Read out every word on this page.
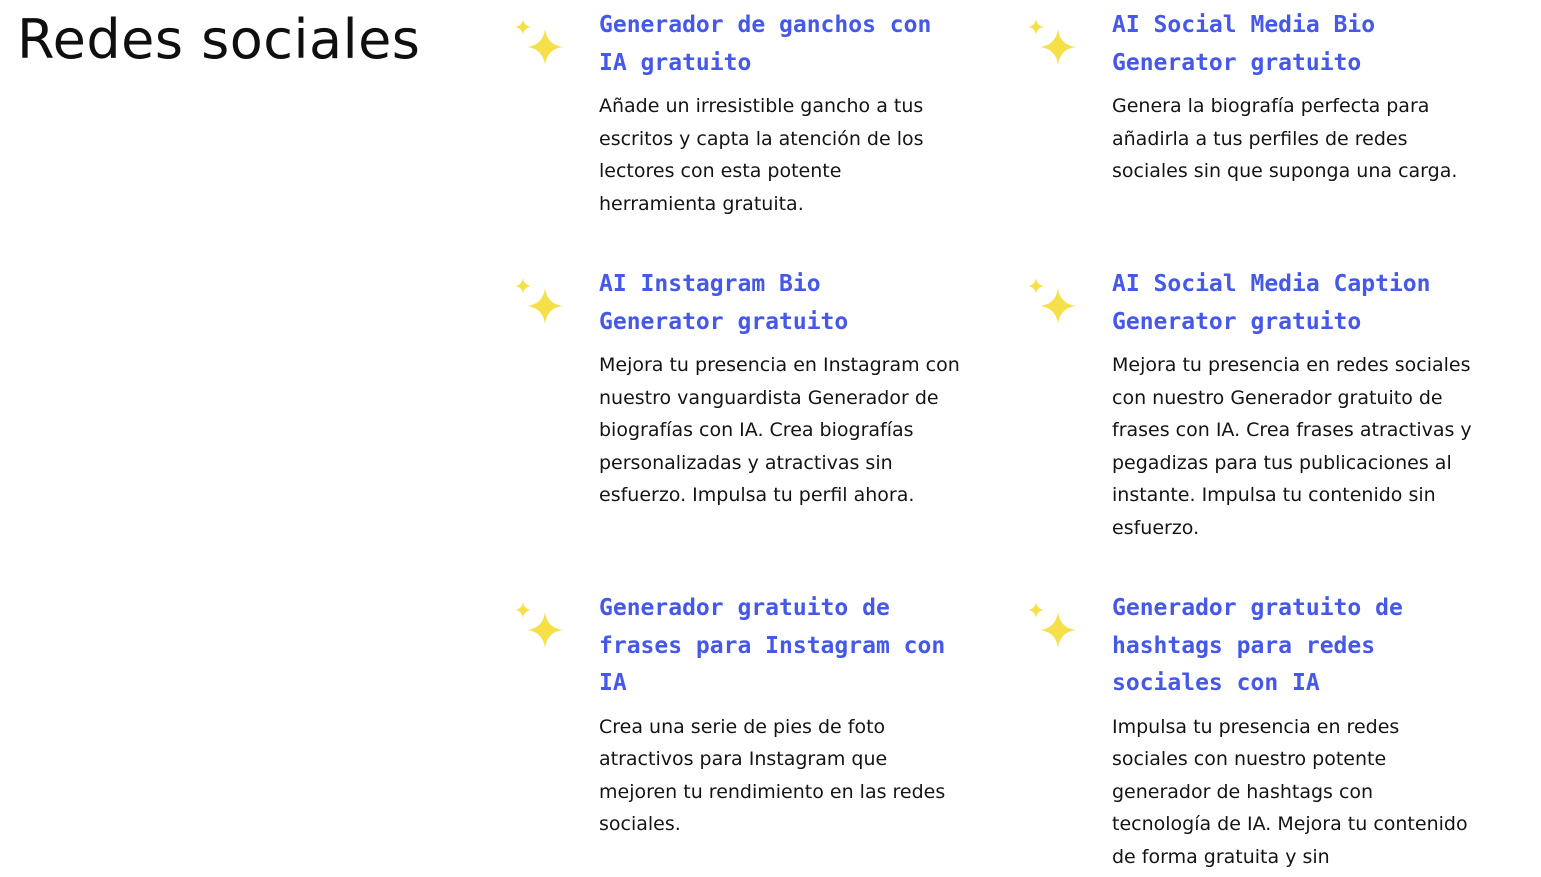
Redes sociales	Generador de ganchos con IA gratuito

Añade un irresistible gancho a tus escritos y capta la atención de los lectores con esta potente herramienta gratuita.

AI Social Media Bio Generator gratuito

Genera la biografía perfecta para añadirla a tus perfiles de redes sociales sin que suponga una carga.

AI Instagram Bio Generator gratuito

Mejora tu presencia en Instagram con nuestro vanguardista Generador de biografías con IA. Crea biografías personalizadas y atractivas sin esfuerzo. Impulsa tu perfil ahora.

AI Social Media Caption Generator gratuito

Mejora tu presencia en redes sociales con nuestro Generador gratuito de frases con IA. Crea frases atractivas y pegadizas para tus publicaciones al instante. Impulsa tu contenido sin esfuerzo.

Generador gratuito de frases para Instagram con IA

Crea una serie de pies de foto atractivos para Instagram que mejoren tu rendimiento en las redes sociales.

Generador gratuito de hashtags para redes sociales con IA

Impulsa tu presencia en redes sociales con nuestro potente generador de hashtags con tecnología de IA. Mejora tu contenido de forma gratuita y sin
